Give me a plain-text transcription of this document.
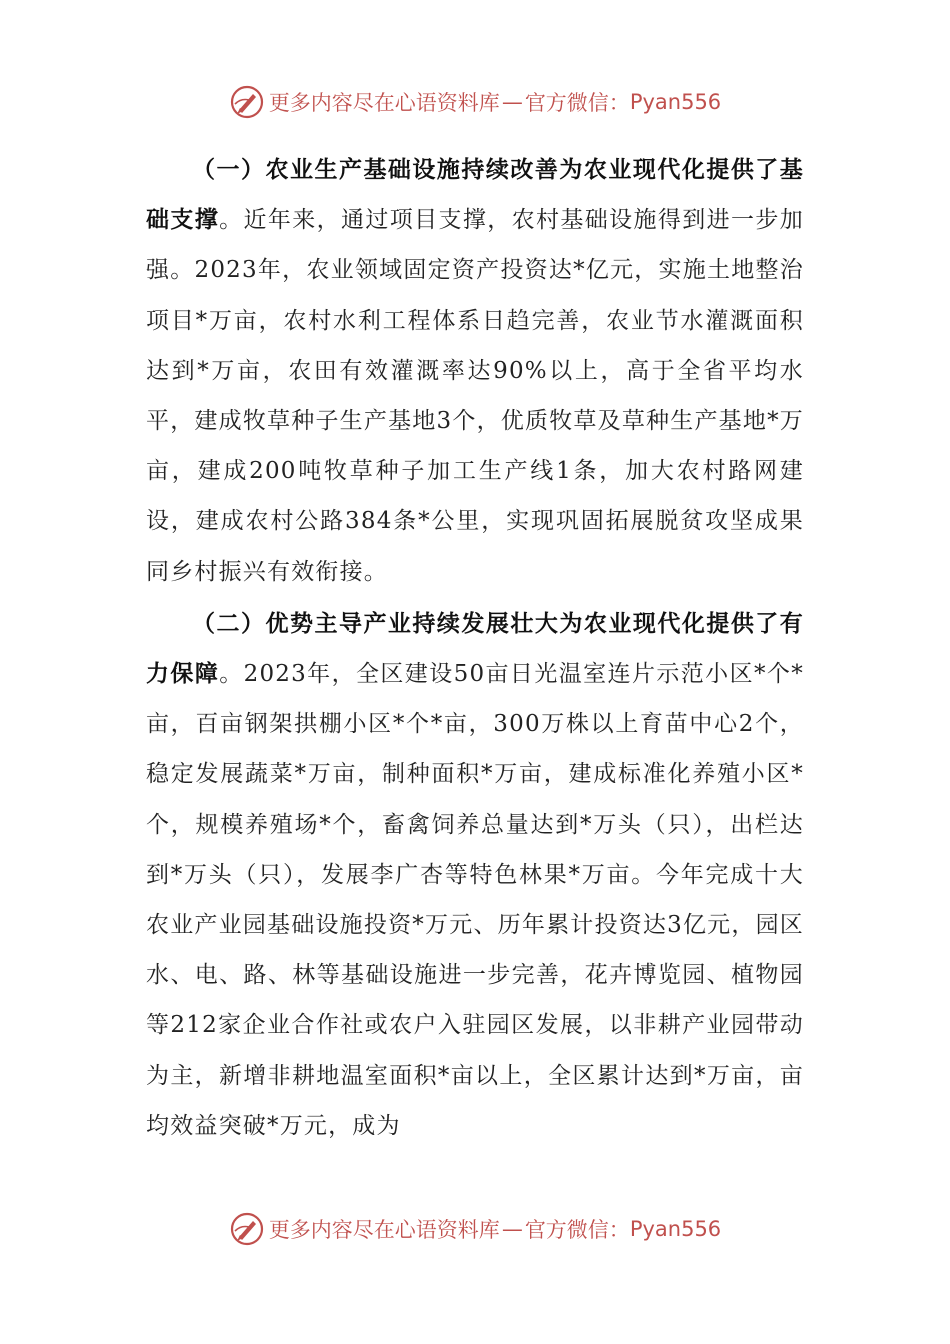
更多内容尽在心语资料库 — 官方微信： Pyan556

（一）农业生产基础设施持续改善为农业现代化提供了基础支撑。近年来，通过项目支撑，农村基础设施得到进一步加强。2023年，农业领域固定资产投资达*亿元，实施土地整治项目*万亩，农村水利工程体系日趋完善，农业节水灌溉面积达到*万亩，农田有效灌溉率达90%以上，高于全省平均水平，建成牧草种子生产基地3个，优质牧草及草种生产基地*万亩，建成200吨牧草种子加工生产线1条，加大农村路网建设，建成农村公路384条*公里，实现巩固拓展脱贫攻坚成果同乡村振兴有效衔接。

（二）优势主导产业持续发展壮大为农业现代化提供了有力保障。2023年，全区建设50亩日光温室连片示范小区*个*亩，百亩钢架拱棚小区*个*亩，300万株以上育苗中心2个，稳定发展蔬菜*万亩，制种面积*万亩，建成标准化养殖小区*个，规模养殖场*个，畜禽饲养总量达到*万头（只），出栏达到*万头（只），发展李广杏等特色林果*万亩。今年完成十大农业产业园基础设施投资*万元、历年累计投资达3亿元，园区水、电、路、林等基础设施进一步完善，花卉博览园、植物园等212家企业合作社或农户入驻园区发展，以非耕产业园带动为主，新增非耕地温室面积*亩以上，全区累计达到*万亩，亩均效益突破*万元，成为

更多内容尽在心语资料库 — 官方微信： Pyan556
